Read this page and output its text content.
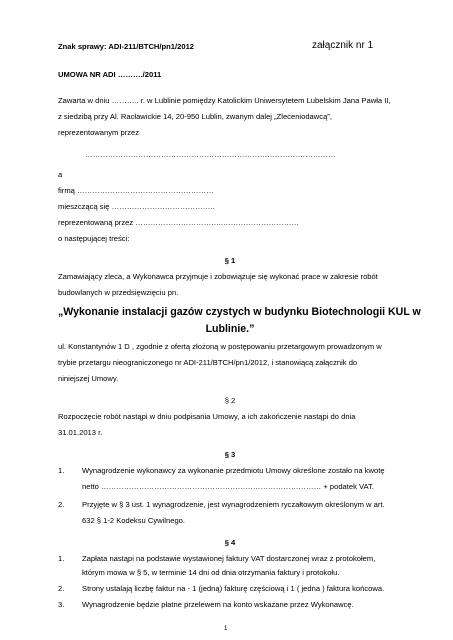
Znak sprawy: ADI-211/BTCH/pn1/2012	załącznik nr 1
UMOWA NR ADI ………./2011
Zawarta w dniu ……….. r. w Lublinie pomiędzy Katolickim Uniwersytetem Lubelskim Jana Pawła II,
z siedzibą przy Al. Racławickie 14, 20-950 Lublin, zwanym dalej „Zleceniodawcą”,
reprezentowanym przez
………………………………………………………………………………………
a
firmą ………………………………………………
mieszczącą się …………………………………..
reprezentowaną przez ……………………………..…………………………
o następującej treści:
§ 1
Zamawiający zleca, a Wykonawca przyjmuje i zobowiązuje się wykonać prace w zakresie robót
budowlanych w przedsięwzięciu pn.
„Wykonanie instalacji gazów czystych w budynku Biotechnologii KUL w
Lublinie.”
ul. Konstantynów 1 D , zgodnie z ofertą złożoną w postępowaniu przetargowym prowadzonym w
trybie przetargu nieograniczonego nr ADI-211/BTCH/pn1/2012, i stanowiącą załącznik do
niniejszej Umowy.
§ 2
Rozpoczęcie robót nastąpi w dniu podpisania Umowy, a ich zakończenie nastąpi do dnia
31.01.2013 r.
§ 3
1. Wynagrodzenie wykonawcy za wykonanie przedmiotu Umowy określone zostało na kwotę
netto …………………………………………………………………………… + podatek VAT.
2. Przyjęte w § 3 ust. 1 wynagrodzenie, jest wynagrodzeniem ryczałtowym określonym w art.
632 § 1-2 Kodeksu Cywilnego.
§ 4
1. Zapłata nastąpi na podstawie wystawionej faktury VAT dostarczonej wraz z protokołem,
którym mowa w § 5, w terminie 14 dni od dnia otrzymania faktury i protokołu.
2. Strony ustalają liczbę faktur na - 1 (jedną) fakturę częściową i 1 ( jedna ) faktura końcowa.
3. Wynagrodzenie będzie płatne przelewem na konto wskazane przez Wykonawcę.
1
